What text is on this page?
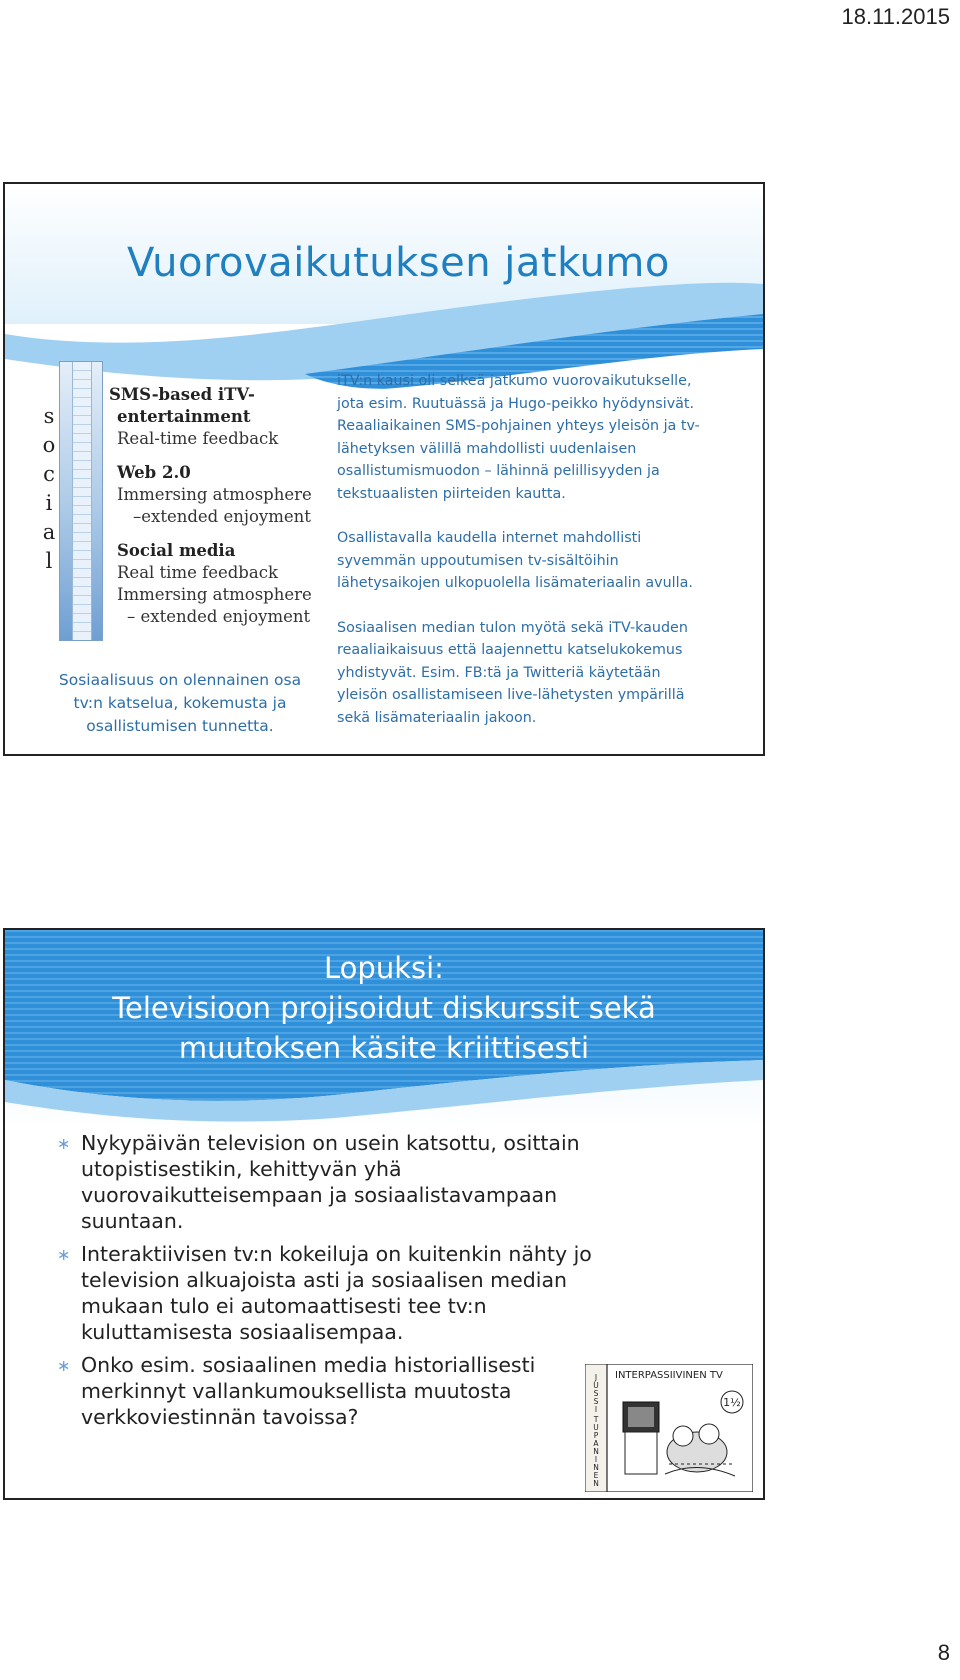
18.11.2015
Vuorovaikutuksen jatkumo
s
o
c
i
a
l
SMS-based iTV-
entertainment
Real-time feedback
Web 2.0
Immersing atmosphere
–extended enjoyment
Social media
Real time feedback
Immersing atmosphere
– extended enjoyment
Sosiaalisuus on olennainen osa
tv:n katselua, kokemusta ja
osallistumisen tunnetta.

iTV:n kausi oli selkeä jatkumo vuorovaikutukselle,
jota esim. Ruutuässä ja Hugo-peikko hyödynsivät.
Reaaliaikainen SMS-pohjainen yhteys yleisön ja tv-
lähetyksen välillä mahdollisti uudenlaisen
osallistumismuodon – lähinnä pelillisyyden ja
tekstuaalisten piirteiden kautta.

Osallistavalla kaudella internet mahdollisti
syvemmän uppoutumisen tv-sisältöihin
lähetysaikojen ulkopuolella lisämateriaalin avulla.

Sosiaalisen median tulon myötä sekä iTV-kauden
reaaliaikaisuus että laajennettu katselukokemus
yhdistyvät. Esim. FB:tä ja Twitteriä käytetään
yleisön osallistamiseen live-lähetysten ympärillä
sekä lisämateriaalin jakoon.

Lopuksi:
Televisioon projisoidut diskurssit sekä
muutoksen käsite kriittisesti
∗ Nykypäivän television on usein katsottu, osittain
utopistisestikin, kehittyvän yhä
vuorovaikutteisempaan ja sosiaalistavampaan
suuntaan.
∗ Interaktiivisen tv:n kokeiluja on kuitenkin nähty jo
television alkuajoista asti ja sosiaalisen median
mukaan tulo ei automaattisesti tee tv:n
kuluttamisesta sosiaalisempaa.
∗ Onko esim. sosiaalinen media historiallisesti
merkinnyt vallankumouksellista muutosta
verkkoviestinnän tavoissa?
J U S S I T U P A N I N E N
INTERPASSIIVINEN TV
1½
8
